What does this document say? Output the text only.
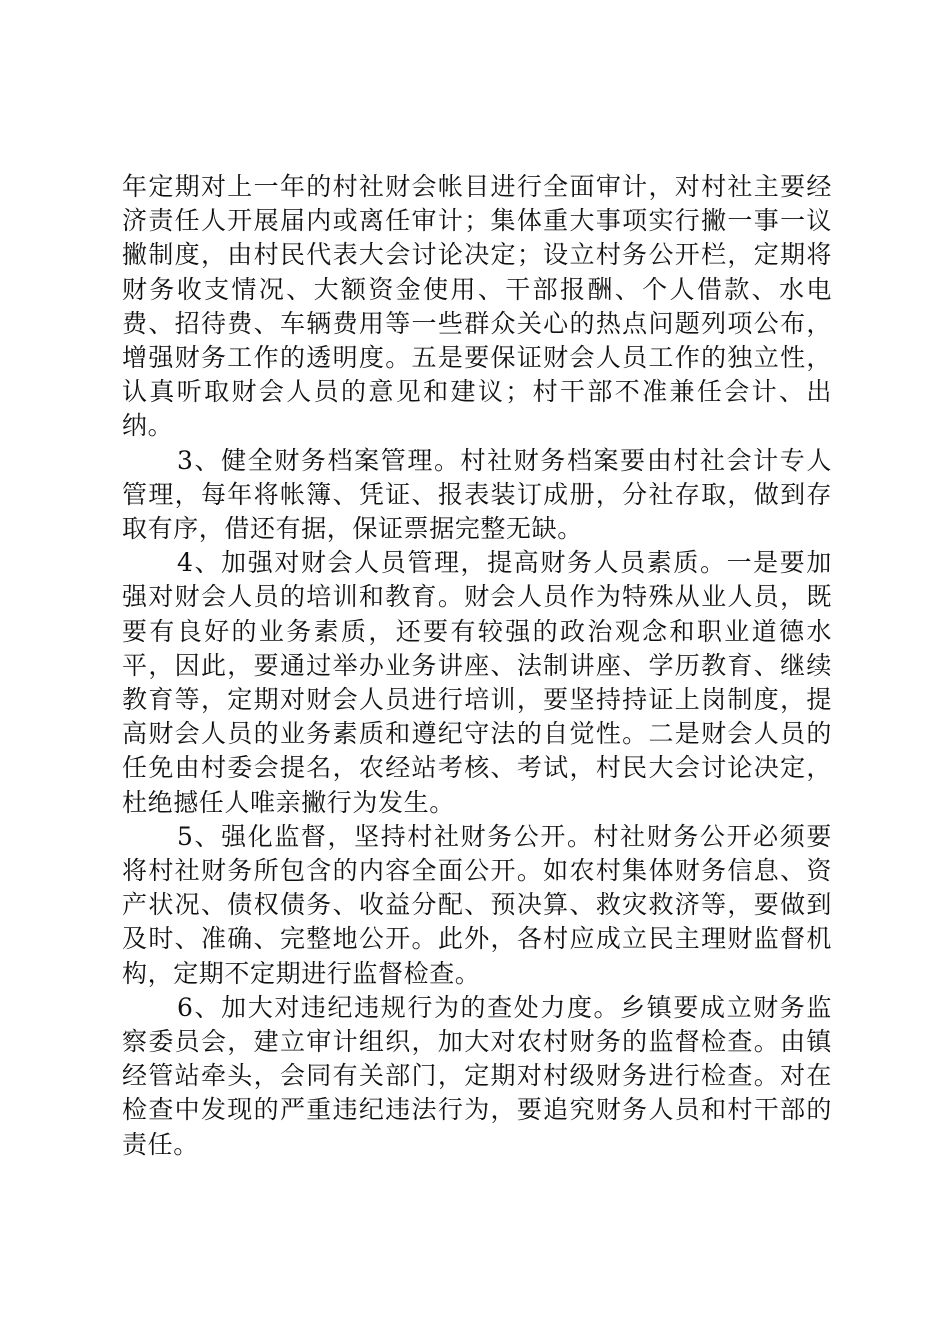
年定期对上一年的村社财会帐目进行全面审计，对村社主要经济责任人开展届内或离任审计；集体重大事项实行撇一事一议撇制度，由村民代表大会讨论决定；设立村务公开栏，定期将财务收支情况、大额资金使用、干部报酬、个人借款、水电费、招待费、车辆费用等一些群众关心的热点问题列项公布，增强财务工作的透明度。五是要保证财会人员工作的独立性，认真听取财会人员的意见和建议；村干部不准兼任会计、出纳。

3、健全财务档案管理。村社财务档案要由村社会计专人管理，每年将帐簿、凭证、报表装订成册，分社存取，做到存取有序，借还有据，保证票据完整无缺。

4、加强对财会人员管理，提高财务人员素质。一是要加强对财会人员的培训和教育。财会人员作为特殊从业人员，既要有良好的业务素质，还要有较强的政治观念和职业道德水平，因此，要通过举办业务讲座、法制讲座、学历教育、继续教育等，定期对财会人员进行培训，要坚持持证上岗制度，提高财会人员的业务素质和遵纪守法的自觉性。二是财会人员的任免由村委会提名，农经站考核、考试，村民大会讨论决定，杜绝撼任人唯亲撇行为发生。

5、强化监督，坚持村社财务公开。村社财务公开必须要将村社财务所包含的内容全面公开。如农村集体财务信息、资产状况、债权债务、收益分配、预决算、救灾救济等，要做到及时、准确、完整地公开。此外，各村应成立民主理财监督机构，定期不定期进行监督检查。

6、加大对违纪违规行为的查处力度。乡镇要成立财务监察委员会，建立审计组织，加大对农村财务的监督检查。由镇经管站牵头，会同有关部门，定期对村级财务进行检查。对在检查中发现的严重违纪违法行为，要追究财务人员和村干部的责任。
